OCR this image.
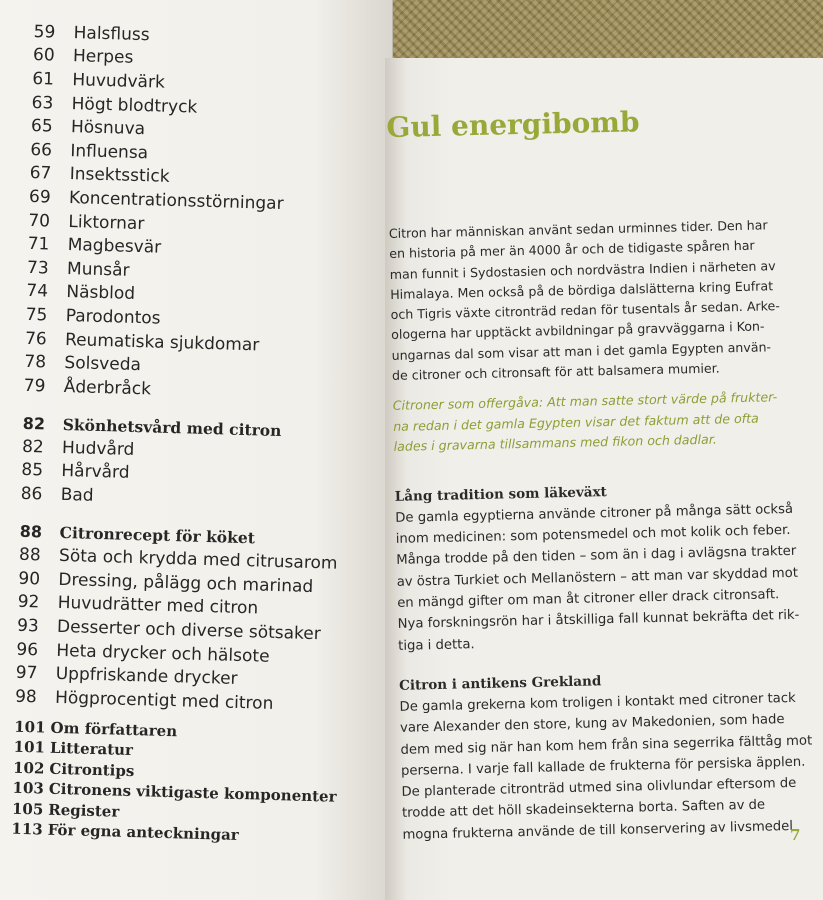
59	Halsfluss
60	Herpes
61	Huvudvärk
63	Högt blodtryck
65	Hösnuva
66	Influensa
67	Insektsstick
69	Koncentrationsstörningar
70	Liktornar
71	Magbesvär
73	Munsår
74	Näsblod
75	Parodontos
76	Reumatiska sjukdomar
78	Solsveda
79	Åderbråck
82	Skönhetsvård med citron
82	Hudvård
85	Hårvård
86	Bad
88	Citronrecept för köket
88	Söta och krydda med citrusarom
90	Dressing, pålägg och marinad
92	Huvudrätter med citron
93	Desserter och diverse sötsaker
96	Heta drycker och hälsote
97	Uppfriskande drycker
98	Högprocentigt med citron
101 Om författaren
101 Litteratur
102 Citrontips
103 Citronens viktigaste komponenter
105 Register
113 För egna anteckningar
Gul energibomb
Citron har människan använt sedan urminnes tider. Den har
en historia på mer än 4000 år och de tidigaste spåren har
man funnit i Sydostasien och nordvästra Indien i närheten av
Himalaya. Men också på de bördiga dalslätterna kring Eufrat
och Tigris växte citronträd redan för tusentals år sedan. Arke-
ologerna har upptäckt avbildningar på gravväggarna i Kon-
ungarnas dal som visar att man i det gamla Egypten använ-
de citroner och citronsaft för att balsamera mumier.
Citroner som offergåva: Att man satte stort värde på frukter-
na redan i det gamla Egypten visar det faktum att de ofta
lades i gravarna tillsammans med fikon och dadlar.
Lång tradition som läkeväxt
De gamla egyptierna använde citroner på många sätt också
inom medicinen: som potensmedel och mot kolik och feber.
Många trodde på den tiden – som än i dag i avlägsna trakter
av östra Turkiet och Mellanöstern – att man var skyddad mot
en mängd gifter om man åt citroner eller drack citronsaft.
Nya forskningsrön har i åtskilliga fall kunnat bekräfta det rik-
tiga i detta.
Citron i antikens Grekland
De gamla grekerna kom troligen i kontakt med citroner tack
vare Alexander den store, kung av Makedonien, som hade
dem med sig när han kom hem från sina segerrika fälttåg mot
perserna. I varje fall kallade de frukterna för persiska äpplen.
De planterade citronträd utmed sina olivlundar eftersom de
trodde att det höll skadeinsekterna borta. Saften av de
mogna frukterna använde de till konservering av livsmedel
7
